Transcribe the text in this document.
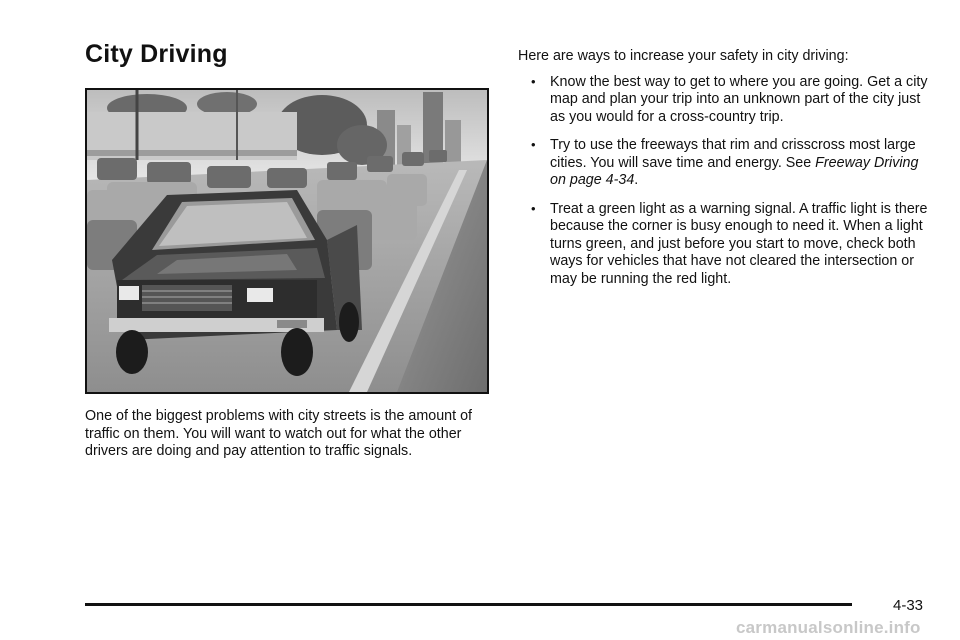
City Driving

One of the biggest problems with city streets is the amount of traffic on them. You will want to watch out for what the other drivers are doing and pay attention to traffic signals.

Here are ways to increase your safety in city driving:

• Know the best way to get to where you are going. Get a city map and plan your trip into an unknown part of the city just as you would for a cross-country trip.
• Try to use the freeways that rim and crisscross most large cities. You will save time and energy. See Freeway Driving on page 4-34.
• Treat a green light as a warning signal. A traffic light is there because the corner is busy enough to need it. When a light turns green, and just before you start to move, check both ways for vehicles that have not cleared the intersection or may be running the red light.
4-33
carmanualsonline.info
